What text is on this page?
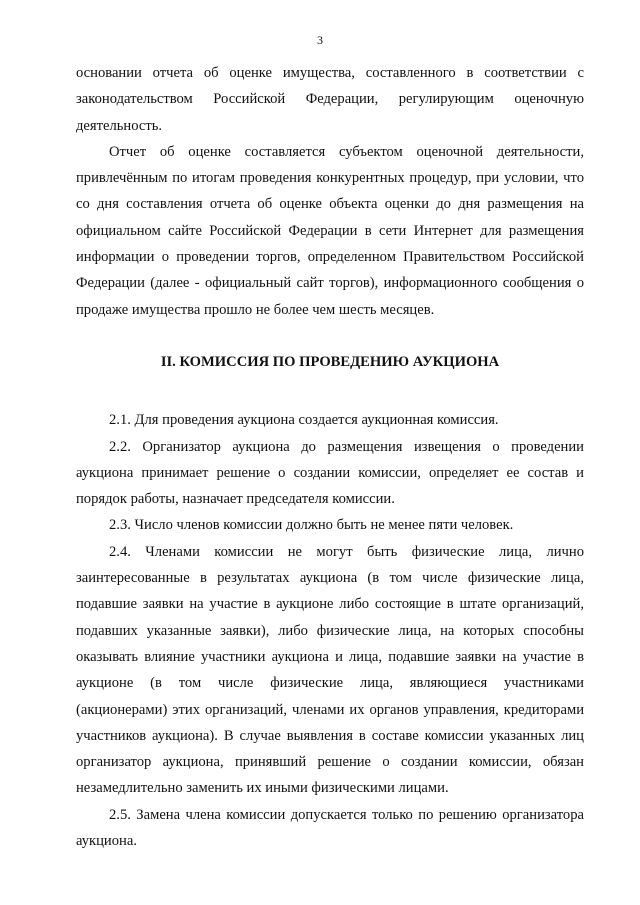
3

основании отчета об оценке имущества, составленного в соответствии с законодательством Российской Федерации, регулирующим оценочную деятельность.

Отчет об оценке составляется субъектом оценочной деятельности, привлечённым по итогам проведения конкурентных процедур, при условии, что со дня составления отчета об оценке объекта оценки до дня размещения на официальном сайте Российской Федерации в сети Интернет для размещения информации о проведении торгов, определенном Правительством Российской Федерации (далее - официальный сайт торгов), информационного сообщения о продаже имущества прошло не более чем шесть месяцев.

II. КОМИССИЯ ПО ПРОВЕДЕНИЮ АУКЦИОНА

2.1. Для проведения аукциона создается аукционная комиссия.

2.2. Организатор аукциона до размещения извещения о проведении аукциона принимает решение о создании комиссии, определяет ее состав и порядок работы, назначает председателя комиссии.

2.3. Число членов комиссии должно быть не менее пяти человек.

2.4. Членами комиссии не могут быть физические лица, лично заинтересованные в результатах аукциона (в том числе физические лица, подавшие заявки на участие в аукционе либо состоящие в штате организаций, подавших указанные заявки), либо физические лица, на которых способны оказывать влияние участники аукциона и лица, подавшие заявки на участие в аукционе (в том числе физические лица, являющиеся участниками (акционерами) этих организаций, членами их органов управления, кредиторами участников аукциона). В случае выявления в составе комиссии указанных лиц организатор аукциона, принявший решение о создании комиссии, обязан незамедлительно заменить их иными физическими лицами.

2.5. Замена члена комиссии допускается только по решению организатора аукциона.
